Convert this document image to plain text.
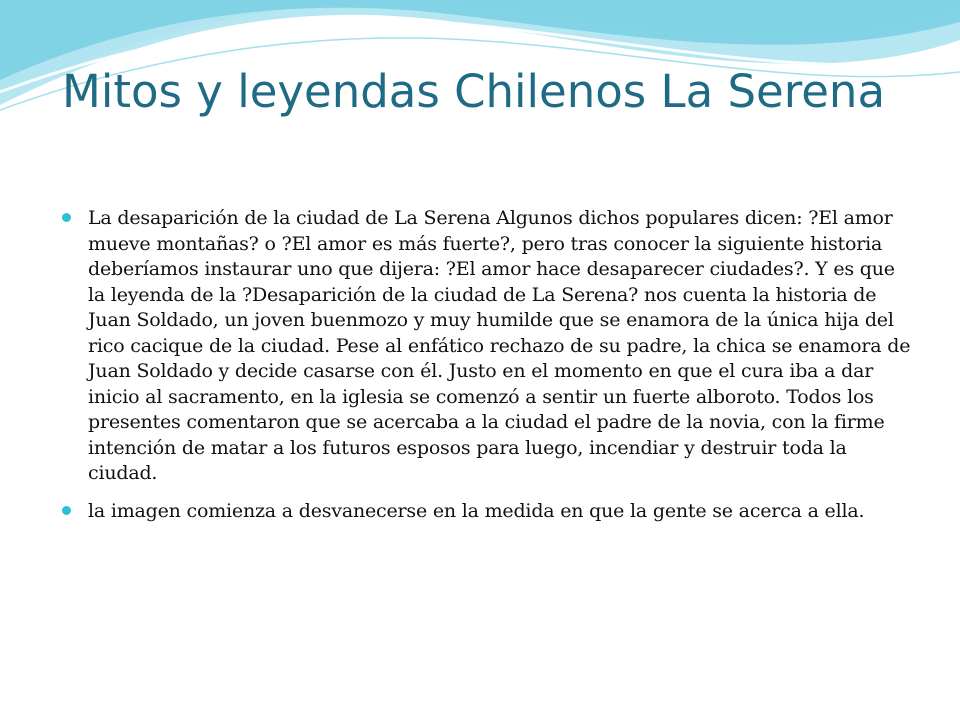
Mitos y leyendas Chilenos La Serena
La desaparición de la ciudad de La Serena Algunos dichos populares dicen: ?El amor mueve montañas? o ?El amor es más fuerte?, pero tras conocer la siguiente historia deberíamos instaurar uno que dijera: ?El amor hace desaparecer ciudades?. Y es que la leyenda de la ?Desaparición de la ciudad de La Serena? nos cuenta la historia de Juan Soldado, un joven buenmozo y muy humilde que se enamora de la única hija del rico cacique de la ciudad. Pese al enfático rechazo de su padre, la chica se enamora de Juan Soldado y decide casarse con él. Justo en el momento en que el cura iba a dar inicio al sacramento, en la iglesia se comenzó a sentir un fuerte alboroto. Todos los presentes comentaron que se acercaba a la ciudad el padre de la novia, con la firme intención de matar a los futuros esposos para luego, incendiar y destruir toda la ciudad.
la imagen comienza a desvanecerse en la medida en que la gente se acerca a ella.
